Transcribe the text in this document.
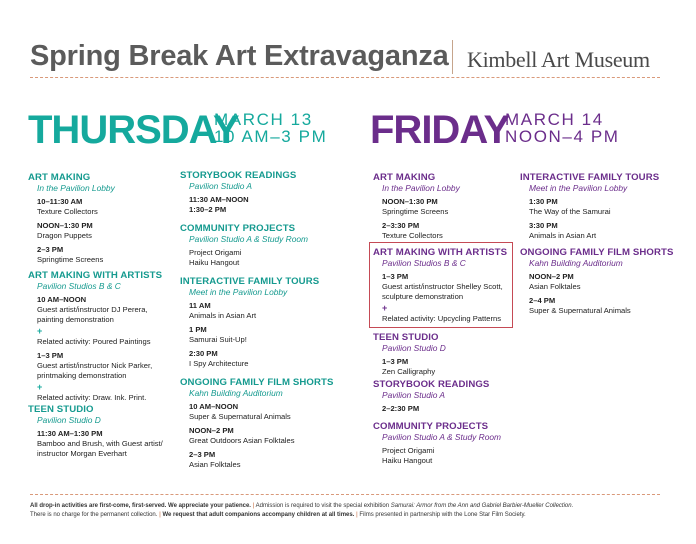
Spring Break Art Extravaganza Kimbell Art Museum
THURSDAY
MARCH 13
10 AM–3 PM FRIDAY
MARCH 14
NOON–4 PM
ART MAKING
In the Pavilion Lobby
10–11:30 AM
Texture Collectors
NOON–1:30 PM
Dragon Puppets
2–3 PM
Springtime Screens
ART MAKING WITH ARTISTS
Pavilion Studios B & C
10 AM–NOON
Guest artist/instructor DJ Perera,
painting demonstration
+
Related activity: Poured Paintings
1–3 PM
Guest artist/instructor Nick Parker,
printmaking demonstration
+
Related activity: Draw. Ink. Print.
TEEN STUDIO
Pavilion Studio D
11:30 AM–1:30 PM
Bamboo and Brush, with Guest artist/
instructor Morgan Everhart
STORYBOOK READINGS
Pavilion Studio A
11:30 AM–NOON
1:30–2 PM
COMMUNITY PROJECTS
Pavilion Studio A & Study Room
Project Origami
Haiku Hangout
INTERACTIVE FAMILY TOURS
Meet in the Pavilion Lobby
11 AM
Animals in Asian Art
1 PM
Samurai Suit-Up!
2:30 PM
I Spy Architecture
ONGOING FAMILY FILM SHORTS
Kahn Building Auditorium
10 AM–NOON
Super & Supernatural Animals
NOON–2 PM
Great Outdoors Asian Folktales
2–3 PM
Asian Folktales
ART MAKING
In the Pavilion Lobby
NOON–1:30 PM
Springtime Screens
2–3:30 PM
Texture Collectors
ART MAKING WITH ARTISTS
Pavilion Studios B & C
1–3 PM
Guest artist/instructor Shelley Scott,
sculpture demonstration
+
Related activity: Upcycling Patterns
TEEN STUDIO
Pavilion Studio D
1–3 PM
Zen Calligraphy
STORYBOOK READINGS
Pavilion Studio A
2–2:30 PM
COMMUNITY PROJECTS
Pavilion Studio A & Study Room
Project Origami
Haiku Hangout
INTERACTIVE FAMILY TOURS
Meet in the Pavilion Lobby
1:30 PM
The Way of the Samurai
3:30 PM
Animals in Asian Art
ONGOING FAMILY FILM SHORTS
Kahn Building Auditorium
NOON–2 PM
Asian Folktales
2–4 PM
Super & Supernatural Animals
All drop-in activities are first-come, first-served. We appreciate your patience. | Admission is required to visit the special exhibition Samurai: Armor from the Ann and Gabriel Barbier-Mueller Collection.
There is no charge for the permanent collection. | We request that adult companions accompany children at all times. | Films presented in partnership with the Lone Star Film Society.
